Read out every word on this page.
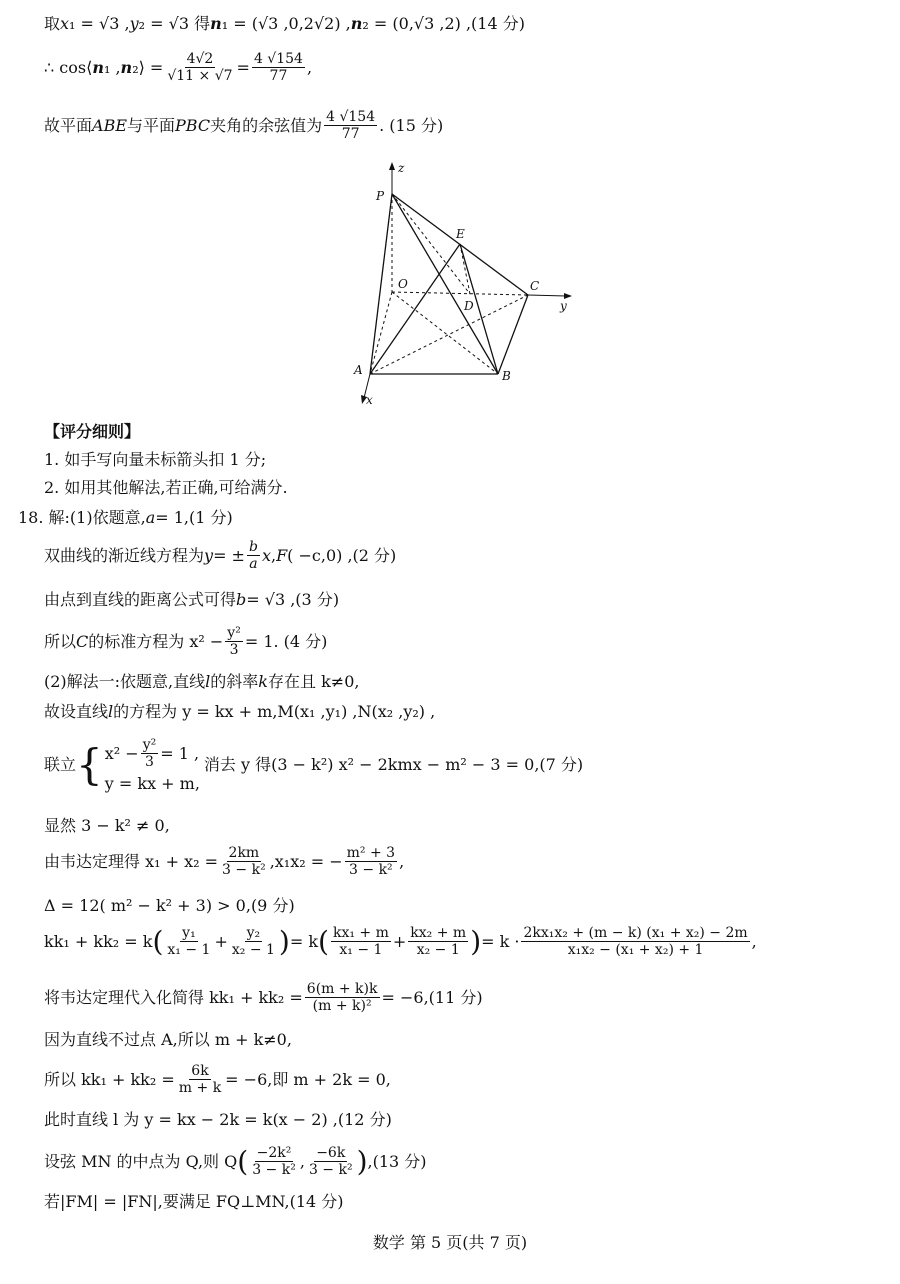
取 x ₁ = √3 , y ₂ = √3 得 n ₁ = (√3 ,0,2√2) , n ₂ = (0,√3 ,2) ,(14 分)
∴ cos⟨ n ₁ , n ₂⟩ = $\frac{4√2}{√11 \times √7} = \frac{4 √154}{77}$ ,
故平面 ABE 与平面 PBC 夹角的余弦值为 $\frac{4 √154}{77}$ . (15 分)
z
P
E
O
D
C
y
A	B
x
【评分细则】
1. 如手写向量未标箭头扣 1 分;
2. 如用其他解法,若正确,可给满分.
18. 解:(1)依题意, a = 1,(1 分)
双曲线的渐近线方程为 y = ± $\frac{b}{a}$ x , F ( −c,0) ,(2 分)
由点到直线的距离公式可得 b = √3 ,(3 分)
所以 C 的标准方程为 $x^2 - \frac{\text{y²}}{3} = 1$. (4 分)
(2)解法一:依题意,直线 l 的斜率 k 存在且 k≠0,
故设直线 l 的方程为 y = kx + m,M(x₁ ,y₁) ,N(x₂ ,y₂) ,
联立 { $x^2 - \frac{\text{y²}}{3} = 1$ ,
y = kx + m,
消去 y 得(3 − k²) x² − 2kmx − m² − 3 = 0,(7 分)
显然 3 − k² ≠ 0,
由韦达定理得 $x_1 + x_2 = \frac{2km}{\text{3 − k²}} ,x_1x_2$ = − $\frac{\text{m² + 3}}{\text{3 − k²}}$ ,
Δ = 12( m² − k² + 3) > 0,(9 分)
kk₁ + kk₂ = k ( $\frac{\text{y₁}}{\text{x₁ − 1}} + \frac{\text{y₂}}{\text{x₂ − 1}}$ ) = k ( $\frac{\text{kx₁ + m}}{\text{x₁ − 1}} + \frac{\text{kx₂ + m}}{\text{x₂ − 1}}$ ) = $k \cdot \frac{\text{2kx₁x₂ + (m − k) (x₁ + x₂) − 2m}}{\text{x₁x₂ − (x₁ + x₂) + 1}}$ ,
将韦达定理代入化简得 $kk_1 + kk_2 = \frac{6(m + k)k}{\text{(m + k)²}} = -6,(11$ 分)
因为直线不过点 A,所以 m + k≠0,
所以 $kk_1 + kk_2 = \frac{6k}{m + k} = -6$,即 m + 2k = 0,
此时直线 l 为 y = kx − 2k = k(x − 2) ,(12 分)
设弦 MN 的中点为 Q,则 Q ( $\frac{\text{−2k²}}{\text{3 − k²}}$ , $\frac{-6k}{\text{3 − k²}}$ ) ,(13 分)
若|FM| = |FN|,要满足 FQ⊥MN,(14 分)
数学 第 5 页(共 7 页)
